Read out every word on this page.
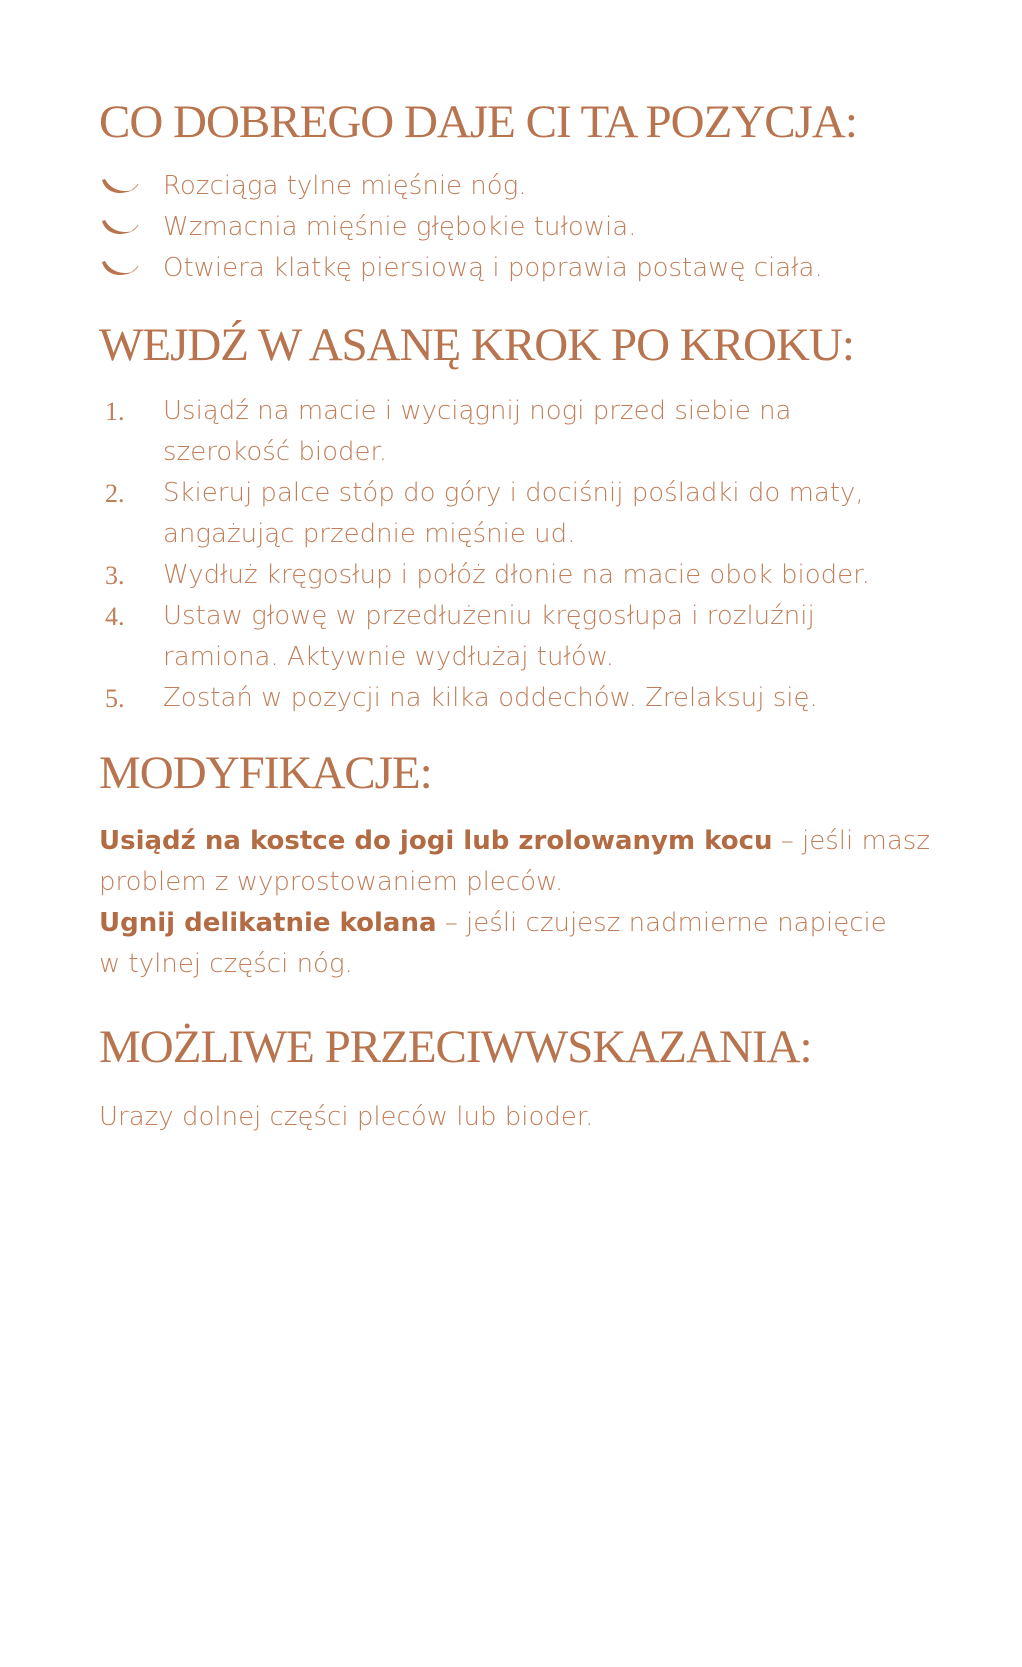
CO DOBREGO DAJE CI TA POZYCJA:
Rozciąga tylne mięśnie nóg.
Wzmacnia mięśnie głębokie tułowia.
Otwiera klatkę piersiową i poprawia postawę ciała.
WEJDŹ W ASANĘ KROK PO KROKU:
1.	Usiądź na macie i wyciągnij nogi przed siebie na
szerokość bioder.
2.	Skieruj palce stóp do góry i dociśnij pośladki do maty,
angażując przednie mięśnie ud.
3.	Wydłuż kręgosłup i połóż dłonie na macie obok bioder.
4.	Ustaw głowę w przedłużeniu kręgosłupa i rozluźnij
ramiona. Aktywnie wydłużaj tułów.
5.	Zostań w pozycji na kilka oddechów. Zrelaksuj się.
MODYFIKACJE:
Usiądź na kostce do jogi lub zrolowanym kocu – jeśli masz
problem z wyprostowaniem pleców.
Ugnij delikatnie kolana – jeśli czujesz nadmierne napięcie
w tylnej części nóg.
MOŻLIWE PRZECIWWSKAZANIA:
Urazy dolnej części pleców lub bioder.
